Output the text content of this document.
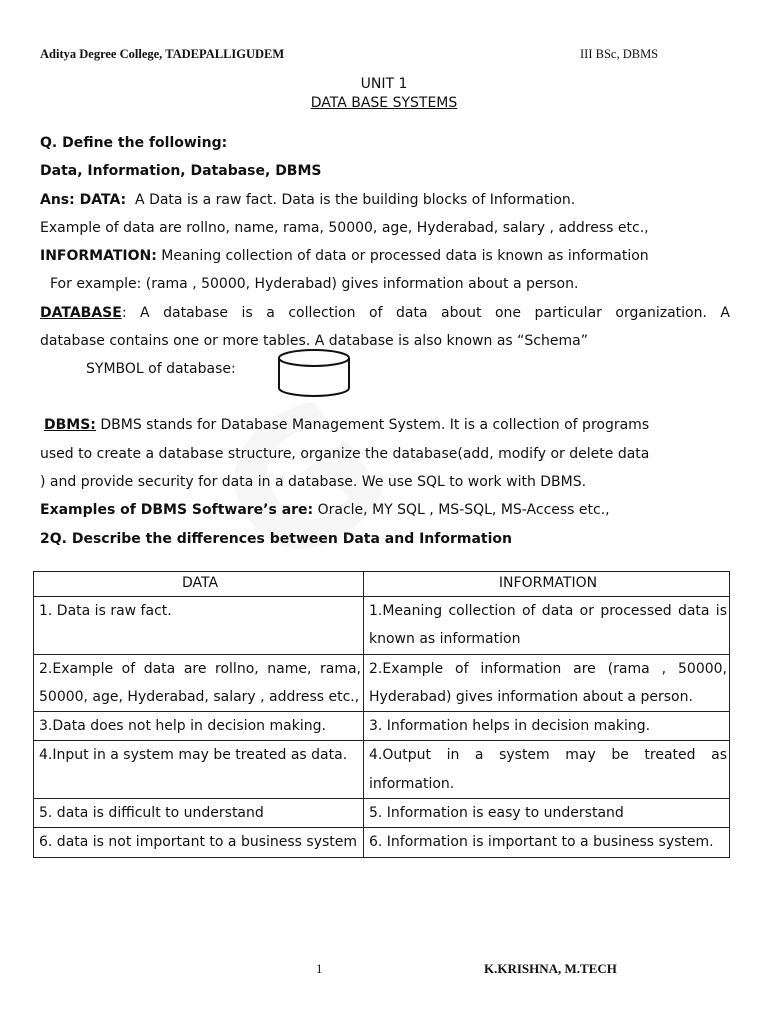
Aditya Degree College, TADEPALLIGUDEM	III BSc, DBMS
UNIT 1
DATA BASE SYSTEMS

Q. Define the following:

Data, Information, Database, DBMS

Ans: DATA: A Data is a raw fact. Data is the building blocks of Information.

Example of data are rollno, name, rama, 50000, age, Hyderabad, salary , address etc.,

INFORMATION: Meaning collection of data or processed data is known as information

For example: (rama , 50000, Hyderabad) gives information about a person.

DATABASE: A database is a collection of data about one particular organization. A

database contains one or more tables. A database is also known as “Schema”

SYMBOL of database:

DBMS: DBMS stands for Database Management System. It is a collection of programs

used to create a database structure, organize the database(add, modify or delete data

) and provide security for data in a database. We use SQL to work with DBMS.

Examples of DBMS Software’s are: Oracle, MY SQL , MS-SQL, MS-Access etc.,

2Q. Describe the differences between Data and Information

DATA	INFORMATION
1. Data is raw fact.	1.Meaning collection of data or processed data is known as information
2.Example of data are rollno, name, rama, 50000, age, Hyderabad, salary , address etc.,	2.Example of information are (rama , 50000, Hyderabad) gives information about a person.
3.Data does not help in decision making.	3. Information helps in decision making.
4.Input in a system may be treated as data.	4.Output in a system may be treated as information.
5. data is difficult to understand	5. Information is easy to understand
6. data is not important to a business system	6. Information is important to a business system.
1	K.KRISHNA, M.TECH
